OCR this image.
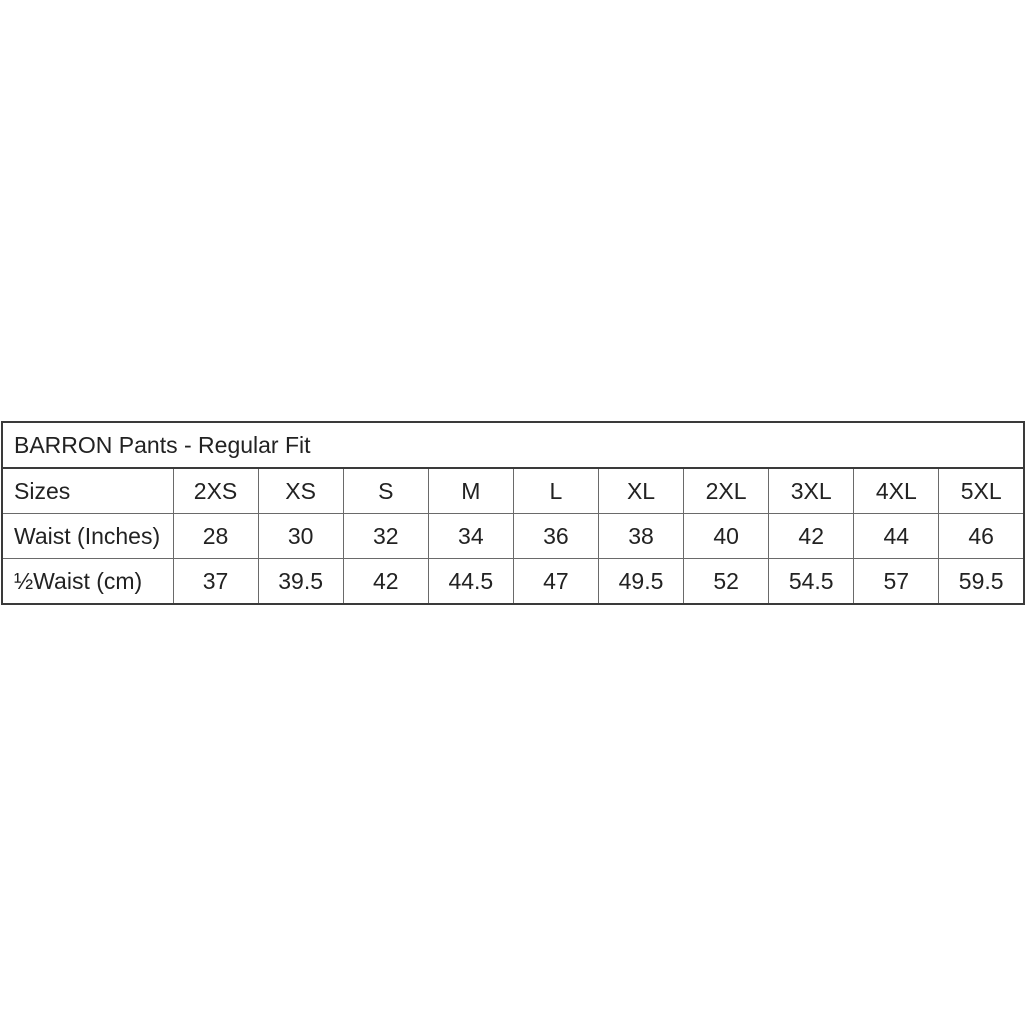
BARRON Pants - Regular Fit										
Sizes	2XS	XS	S	M	L	XL	2XL	3XL	4XL	5XL
Waist (Inches)	28	30	32	34	36	38	40	42	44	46
½Waist (cm)	37	39.5	42	44.5	47	49.5	52	54.5	57	59.5
